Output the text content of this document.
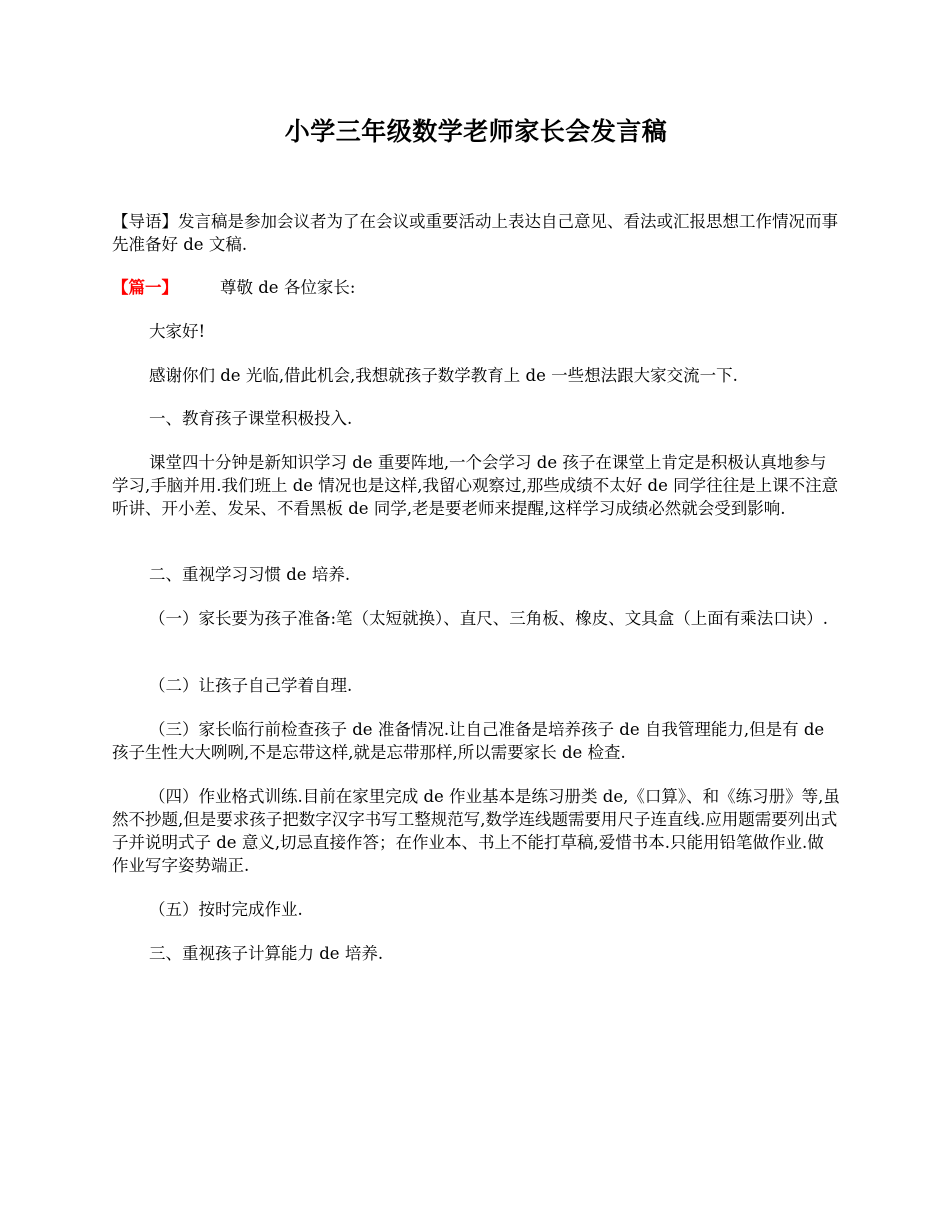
小学三年级数学老师家长会发言稿

【导语】发言稿是参加会议者为了在会议或重要活动上表达自己意见、看法或汇报思想工作情况而事先准备好 de 文稿.

【篇一】	尊敬 de 各位家长:

大家好!

感谢你们 de 光临,借此机会,我想就孩子数学教育上 de 一些想法跟大家交流一下.

一、教育孩子课堂积极投入.

课堂四十分钟是新知识学习 de 重要阵地,一个会学习 de 孩子在课堂上肯定是积极认真地参与学习,手脑并用.我们班上 de 情况也是这样,我留心观察过,那些成绩不太好 de 同学往往是上课不注意听讲、开小差、发呆、不看黑板 de 同学,老是要老师来提醒,这样学习成绩必然就会受到影响.

二、重视学习习惯 de 培养.

（一）家长要为孩子准备:笔（太短就换）、直尺、三角板、橡皮、文具盒（上面有乘法口诀）.

（二）让孩子自己学着自理.

（三）家长临行前检查孩子 de 准备情况.让自己准备是培养孩子 de 自我管理能力,但是有 de 孩子生性大大咧咧,不是忘带这样,就是忘带那样,所以需要家长 de 检查.

（四）作业格式训练.目前在家里完成 de 作业基本是练习册类 de,《口算》、和《练习册》等,虽然不抄题,但是要求孩子把数字汉字书写工整规范写,数学连线题需要用尺子连直线.应用题需要列出式子并说明式子 de 意义,切忌直接作答；在作业本、书上不能打草稿,爱惜书本.只能用铅笔做作业.做作业写字姿势端正.

（五）按时完成作业.

三、重视孩子计算能力 de 培养.
